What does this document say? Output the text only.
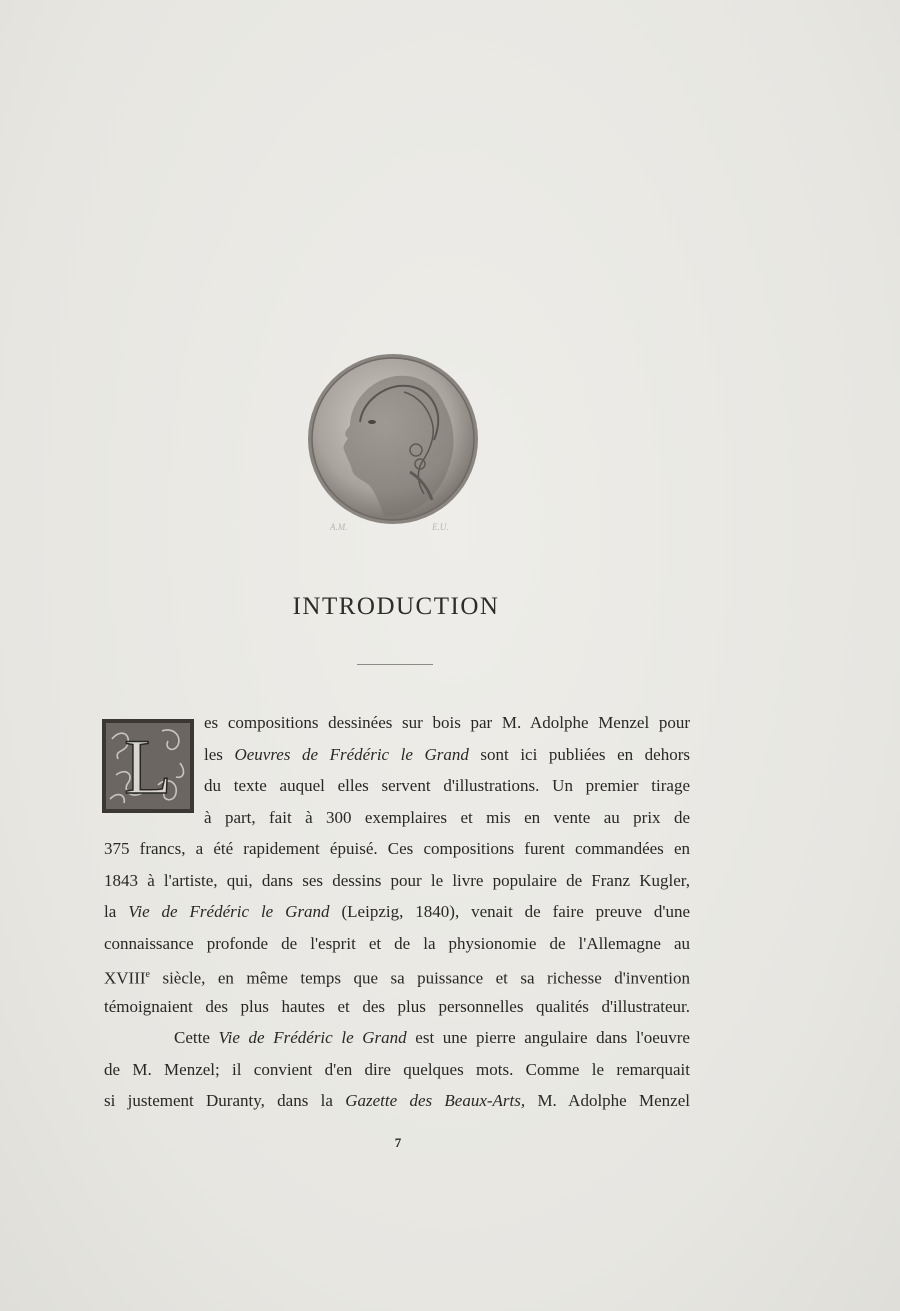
A.M.	E.U.
INTRODUCTION
L
es compositions dessinées sur bois par M. Adolphe Menzel pour
les Oeuvres de Frédéric le Grand sont ici publiées en dehors
du texte auquel elles servent d'illustrations. Un premier tirage
à part, fait à 300 exemplaires et mis en vente au prix de
375 francs, a été rapidement épuisé. Ces compositions furent commandées en
1843 à l'artiste, qui, dans ses dessins pour le livre populaire de Franz Kugler,
la Vie de Frédéric le Grand (Leipzig, 1840), venait de faire preuve d'une
connaissance profonde de l'esprit et de la physionomie de l'Allemagne au
XVIIIe siècle, en même temps que sa puissance et sa richesse d'invention
témoignaient des plus hautes et des plus personnelles qualités d'illustrateur.
Cette Vie de Frédéric le Grand est une pierre angulaire dans l'oeuvre
de M. Menzel; il convient d'en dire quelques mots. Comme le remarquait
si justement Duranty, dans la Gazette des Beaux-Arts, M. Adolphe Menzel
7
